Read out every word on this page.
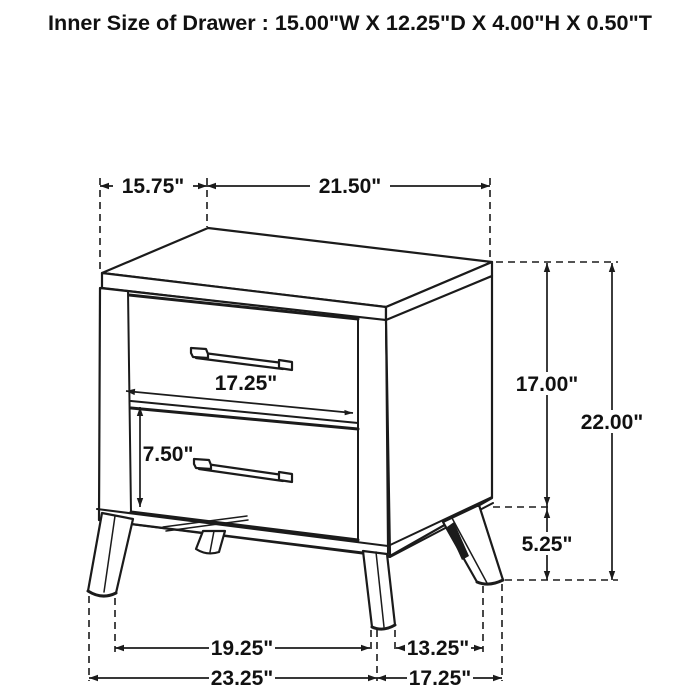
15.75"	21.50"
17.25"
7.50"
17.00"
5.25"
22.00"
19.25"	13.25"
23.25"	17.25"
Inner Size of Drawer : 15.00"W X 12.25"D X 4.00"H X 0.50"T
